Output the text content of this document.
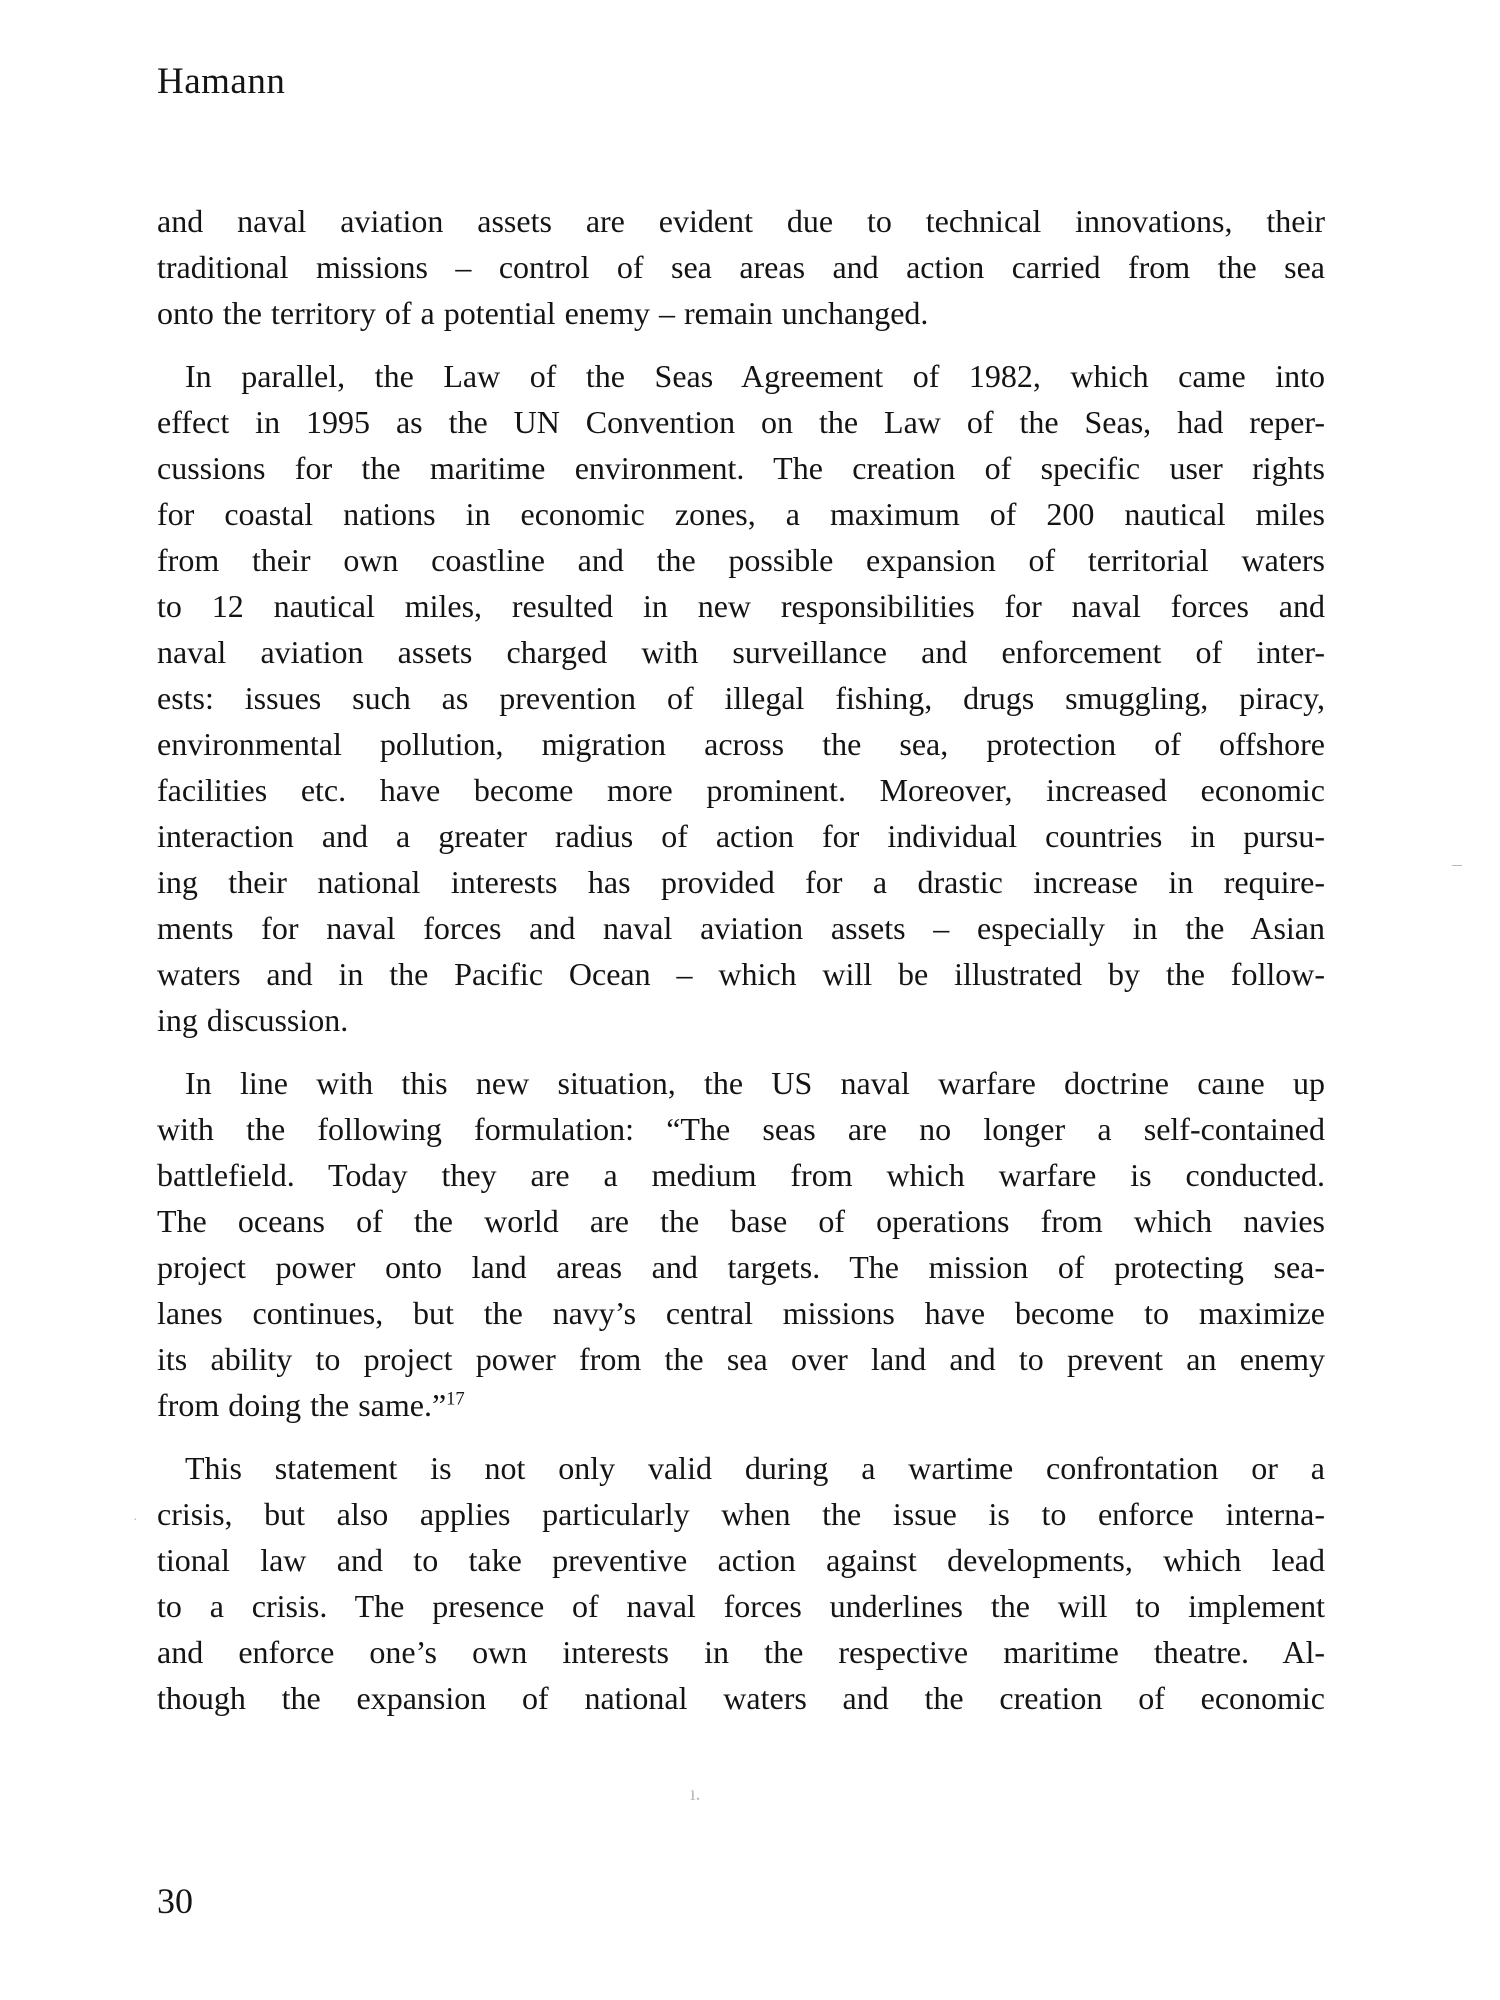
Hamann
and naval aviation assets are evident due to technical innovations, their
traditional missions – control of sea areas and action carried from the sea
onto the territory of a potential enemy – remain unchanged.
In parallel, the Law of the Seas Agreement of 1982, which came into
effect in 1995 as the UN Convention on the Law of the Seas, had reper-
cussions for the maritime environment. The creation of specific user rights
for coastal nations in economic zones, a maximum of 200 nautical miles
from their own coastline and the possible expansion of territorial waters
to 12 nautical miles, resulted in new responsibilities for naval forces and
naval aviation assets charged with surveillance and enforcement of inter-
ests: issues such as prevention of illegal fishing, drugs smuggling, piracy,
environmental pollution, migration across the sea, protection of offshore
facilities etc. have become more prominent. Moreover, increased economic
interaction and a greater radius of action for individual countries in pursu-
ing their national interests has provided for a drastic increase in require-
ments for naval forces and naval aviation assets – especially in the Asian
waters and in the Pacific Ocean – which will be illustrated by the follow-
ing discussion.
In line with this new situation, the US naval warfare doctrine caıne up
with the following formulation: “The seas are no longer a self-contained
battlefield. Today they are a medium from which warfare is conducted.
The oceans of the world are the base of operations from which navies
project power onto land areas and targets. The mission of protecting sea-
lanes continues, but the navy’s central missions have become to maximize
its ability to project power from the sea over land and to prevent an enemy
from doing the same.”$^{17}$
This statement is not only valid during a wartime confrontation or a
crisis, but also applies particularly when the issue is to enforce interna-
tional law and to take preventive action against developments, which lead
to a crisis. The presence of naval forces underlines the will to implement
and enforce one’s own interests in the respective maritime theatre. Al-
though the expansion of national waters and the creation of economic
30
–
ı.
·
